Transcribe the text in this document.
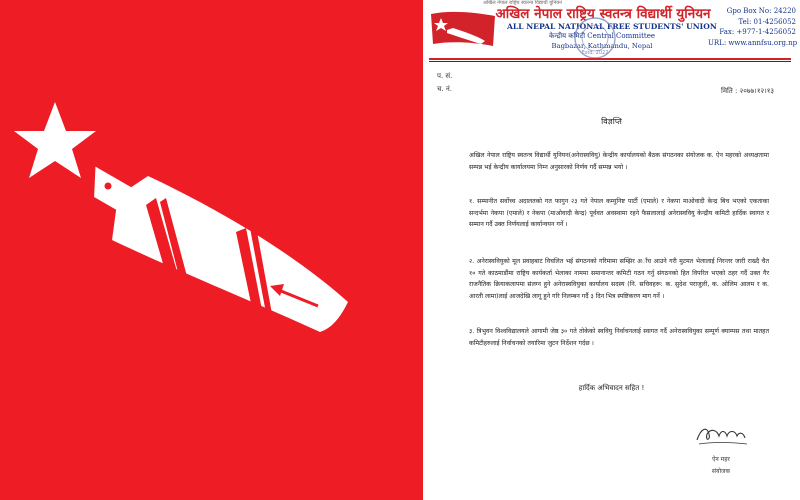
अखिल नेपाल राष्ट्रिय स्वतन्त्र विद्यार्थी युनियन
अखिल नेपाल राष्ट्रिय स्वतन्त्र विद्यार्थी युनियन
ALL NEPAL NATIONAL FREE STUDENTS' UNION
केन्द्रीय कमिटी Central Committee
Bagbazar, Kathmandu, Nepal
Estd. 2022
Gpo Box No: 24220
Tel: 01-4256052
Fax: +977-1-4256052
URL: www.annfsu.org.np
प. सं.
च. नं.	मिति : २०७७।१२।१३
विज्ञप्ति
अखिल नेपाल राष्ट्रिय स्वतन्त्र विद्यार्थी युनियन(अनेरास्ववियु) केन्द्रीय कार्यालयको बैठक संगठनका संयोजक क. ऐन महरको अध्यक्षतामा सम्पन्न भई केन्द्रीय कार्यालयमा निम्न अनुसारको निर्णय गर्दै सम्पन्न भयो ।
१. सम्मानीत सर्वोच्च अदालतको गत फागुन २३ गते नेपाल कम्युनिष्ट पार्टी (एमाले) र नेकपा माओवादी केन्द्र बिच भएको एकताका सन्दर्भमा नेकपा (एमाले) र नेकपा (माओवादी केन्द्र) पूर्ववत अवस्थामा रहने फैसलालाई अनेरास्ववियु केन्द्रीय कमिटी हार्दिक स्वागत र सम्मान गर्दै उक्त निर्णयलाई कार्यान्वयन गर्ने ।
२. अनेरास्ववियुको मूल प्रवाहबाट विचलित भई संगठनको गरिमामा सम्झिर अाँच आउने गरी मुटमत भेलालाई निरन्तर जारी राख्दै चैत १० गते काठमाडौंमा राष्ट्रिय कार्यकर्ता भेलाका नाममा समानान्तर कमिटी गठन गर्नु संगठनको हित विपरित भएको ठहर गर्दै उक्त गैर राजनैतिक क्रियाकलापमा संलग्न हुने अनेरास्ववियुका कार्यालय सदस्य (नि. सचिवहरू: क. सुदेश पराजुली, क. ओलिम आलम र क. आरती लामा)लाई आजदेखि लागू हुने गरि निलम्बन गर्दै ३ दिन भित्र स्पष्टिकरण माग गर्ने ।
३. त्रिभुवन विश्वविद्यालयले आगामी जेष्ठ ३० गते तोकेको स्ववियु निर्वाचनलाई स्वागत गर्दै अनेरास्ववियुका सम्पूर्ण क्याम्पस तथा मातहत कमिटीहरुलाई निर्वाचनको तयारिमा जुटन निर्देशन गर्दछ ।
हार्दिक अभिवादन सहित !
ऐन महर
संयोजक
